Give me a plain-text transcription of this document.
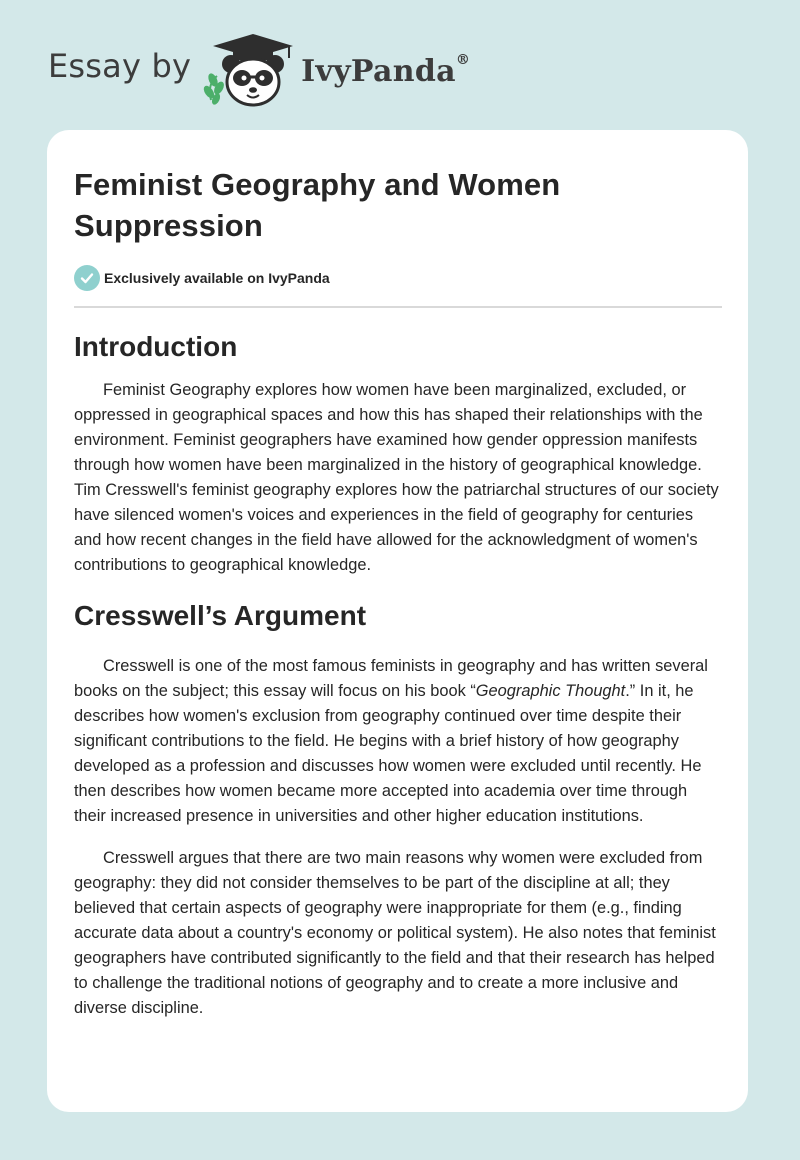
Essay by	IvyPanda®
Feminist Geography and Women Suppression
Exclusively available on IvyPanda
Introduction

Feminist Geography explores how women have been marginalized, excluded, or oppressed in geographical spaces and how this has shaped their relationships with the environment. Feminist geographers have examined how gender oppression manifests through how women have been marginalized in the history of geographical knowledge. Tim Cresswell's feminist geography explores how the patriarchal structures of our society have silenced women's voices and experiences in the field of geography for centuries and how recent changes in the field have allowed for the acknowledgment of women's contributions to geographical knowledge.

Cresswell’s Argument

Cresswell is one of the most famous feminists in geography and has written several books on the subject; this essay will focus on his book “Geographic Thought.” In it, he describes how women's exclusion from geography continued over time despite their significant contributions to the field. He begins with a brief history of how geography developed as a profession and discusses how women were excluded until recently. He then describes how women became more accepted into academia over time through their increased presence in universities and other higher education institutions.

Cresswell argues that there are two main reasons why women were excluded from geography: they did not consider themselves to be part of the discipline at all; they believed that certain aspects of geography were inappropriate for them (e.g., finding accurate data about a country's economy or political system). He also notes that feminist geographers have contributed significantly to the field and that their research has helped to challenge the traditional notions of geography and to create a more inclusive and diverse discipline.
